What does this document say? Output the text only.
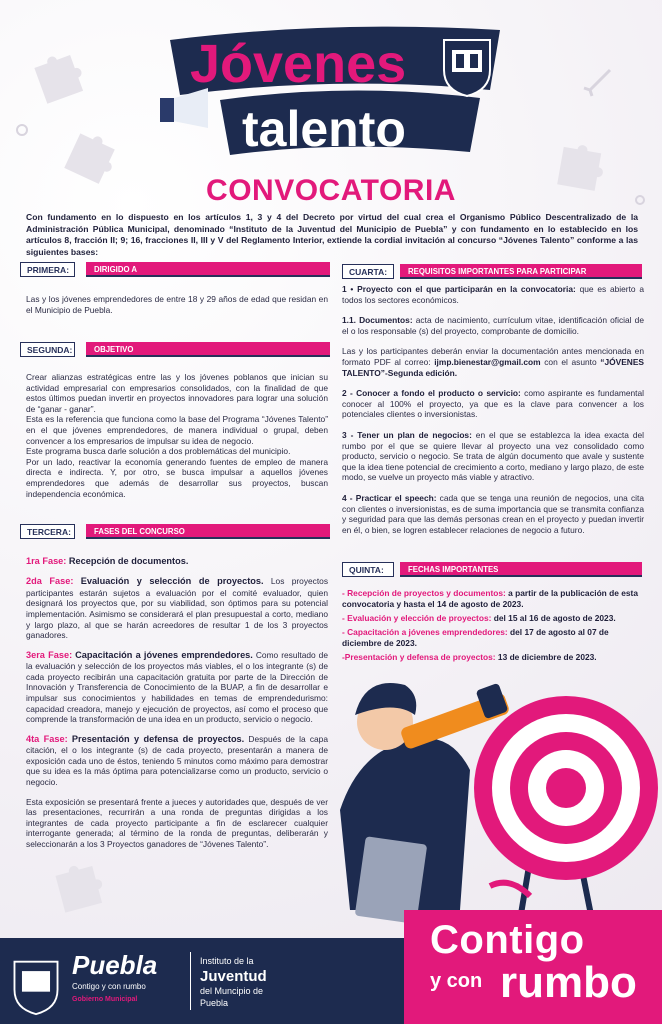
Jóvenes
talento
CONVOCATORIA
Con fundamento en lo dispuesto en los artículos 1, 3 y 4 del Decreto por virtud del cual crea el Organismo Público Descentralizado de la Administración Pública Municipal, denominado “Instituto de la Juventud del Municipio de Puebla” y con fundamento en lo establecido en los artículos 8, fracción II; 9; 16, fracciones II, III y V del Reglamento Interior, extiende la cordial invitación al concurso “Jóvenes Talento” conforme a las siguientes bases:
PRIMERA:	DIRIGIDO A
Las y los jóvenes emprendedores de entre 18 y 29 años de edad que residan en el Municipio de Puebla.
SEGUNDA:	OBJETIVO
Crear alianzas estratégicas entre las y los jóvenes poblanos que inician su actividad empresarial con empresarios consolidados, con la finalidad de que estos últimos puedan invertir en proyectos innovadores para lograr una solución de “ganar - ganar”.
Esta es la referencia que funciona como la base del Programa “Jóvenes Talento” en el que jóvenes emprendedores, de manera individual o grupal, deben convencer a los empresarios de impulsar su idea de negocio.
Este programa busca darle solución a dos problemáticas del municipio.
Por un lado, reactivar la economía generando fuentes de empleo de manera directa e indirecta. Y, por otro, se busca impulsar a aquellos jóvenes emprendedores que además de desarrollar sus proyectos, buscan independencia económica.
TERCERA:	FASES DEL CONCURSO
1ra Fase: Recepción de documentos.
2da Fase: Evaluación y selección de proyectos. Los proyectos participantes estarán sujetos a evaluación por el comité evaluador, quien designará los proyectos que, por su viabilidad, son óptimos para su potencial implementación. Asimismo se considerará el plan presupuestal a corto, mediano y largo plazo, al que se harán acreedores de resultar 1 de los 3 proyectos ganadores.
3era Fase: Capacitación a jóvenes emprendedores. Como resultado de la evaluación y selección de los proyectos más viables, el o los integrante (s) de cada proyecto recibirán una capacitación gratuita por parte de la Dirección de Innovación y Transferencia de Conocimiento de la BUAP, a fin de desarrollar e impulsar sus conocimientos y habilidades en temas de emprendedurismo: capacidad creadora, manejo y ejecución de proyectos, así como el proceso que comprende la transformación de una idea en un producto, servicio o negocio.
4ta Fase: Presentación y defensa de proyectos. Después de la capa citación, el o los integrante (s) de cada proyecto, presentarán a manera de exposición cada uno de éstos, teniendo 5 minutos como máximo para demostrar que su idea es la más óptima para potencializarse como un producto, servicio o negocio.
Esta exposición se presentará frente a jueces y autoridades que, después de ver las presentaciones, recurrirán a una ronda de preguntas dirigidas a los integrantes de cada proyecto participante a fin de esclarecer cualquier interrogante generada; al término de la ronda de preguntas, deliberarán y seleccionarán a los 3 Proyectos ganadores de “Jóvenes Talento”.
CUARTA:	REQUISITOS IMPORTANTES PARA PARTICIPAR
1 • Proyecto con el que participarán en la convocatoria: que es abierto a todos los sectores económicos.
1.1. Documentos: acta de nacimiento, currículum vitae, identificación oficial de el o los responsable (s) del proyecto, comprobante de domicilio.
Las y los participantes deberán enviar la documentación antes mencionada en formato PDF al correo: ijmp.bienestar@gmail.com con el asunto “JÓVENES TALENTO”-Segunda edición.
2 - Conocer a fondo el producto o servicio: como aspirante es fundamental conocer al 100% el proyecto, ya que es la clave para convencer a los potenciales clientes o inversionistas.
3 - Tener un plan de negocios: en el que se establezca la idea exacta del rumbo por el que se quiere llevar al proyecto una vez consolidado como producto, servicio o negocio. Se trata de algún documento que avale y sustente que la idea tiene potencial de crecimiento a corto, mediano y largo plazo, de este modo, se vuelve un proyecto más viable y atractivo.
4 - Practicar el speech: cada que se tenga una reunión de negocios, una cita con clientes o inversionistas, es de suma importancia que se transmita confianza y seguridad para que las demás personas crean en el proyecto y puedan invertir en él, o bien, se logren establecer relaciones de negocio a futuro.
QUINTA:	FECHAS IMPORTANTES
- Recepción de proyectos y documentos: a partir de la publicación de esta convocatoria y hasta el 14 de agosto de 2023.
- Evaluación y elección de proyectos: del 15 al 16 de agosto de 2023.
- Capacitación a jóvenes emprendedores: del 17 de agosto al 07 de diciembre de 2023.
-Presentación y defensa de proyectos: 13 de diciembre de 2023.
Puebla
Contigo y con rumbo
Gobierno Municipal
Instituto de la
Juventud
del Muncipio de
Puebla
Contigo
y con rumbo
